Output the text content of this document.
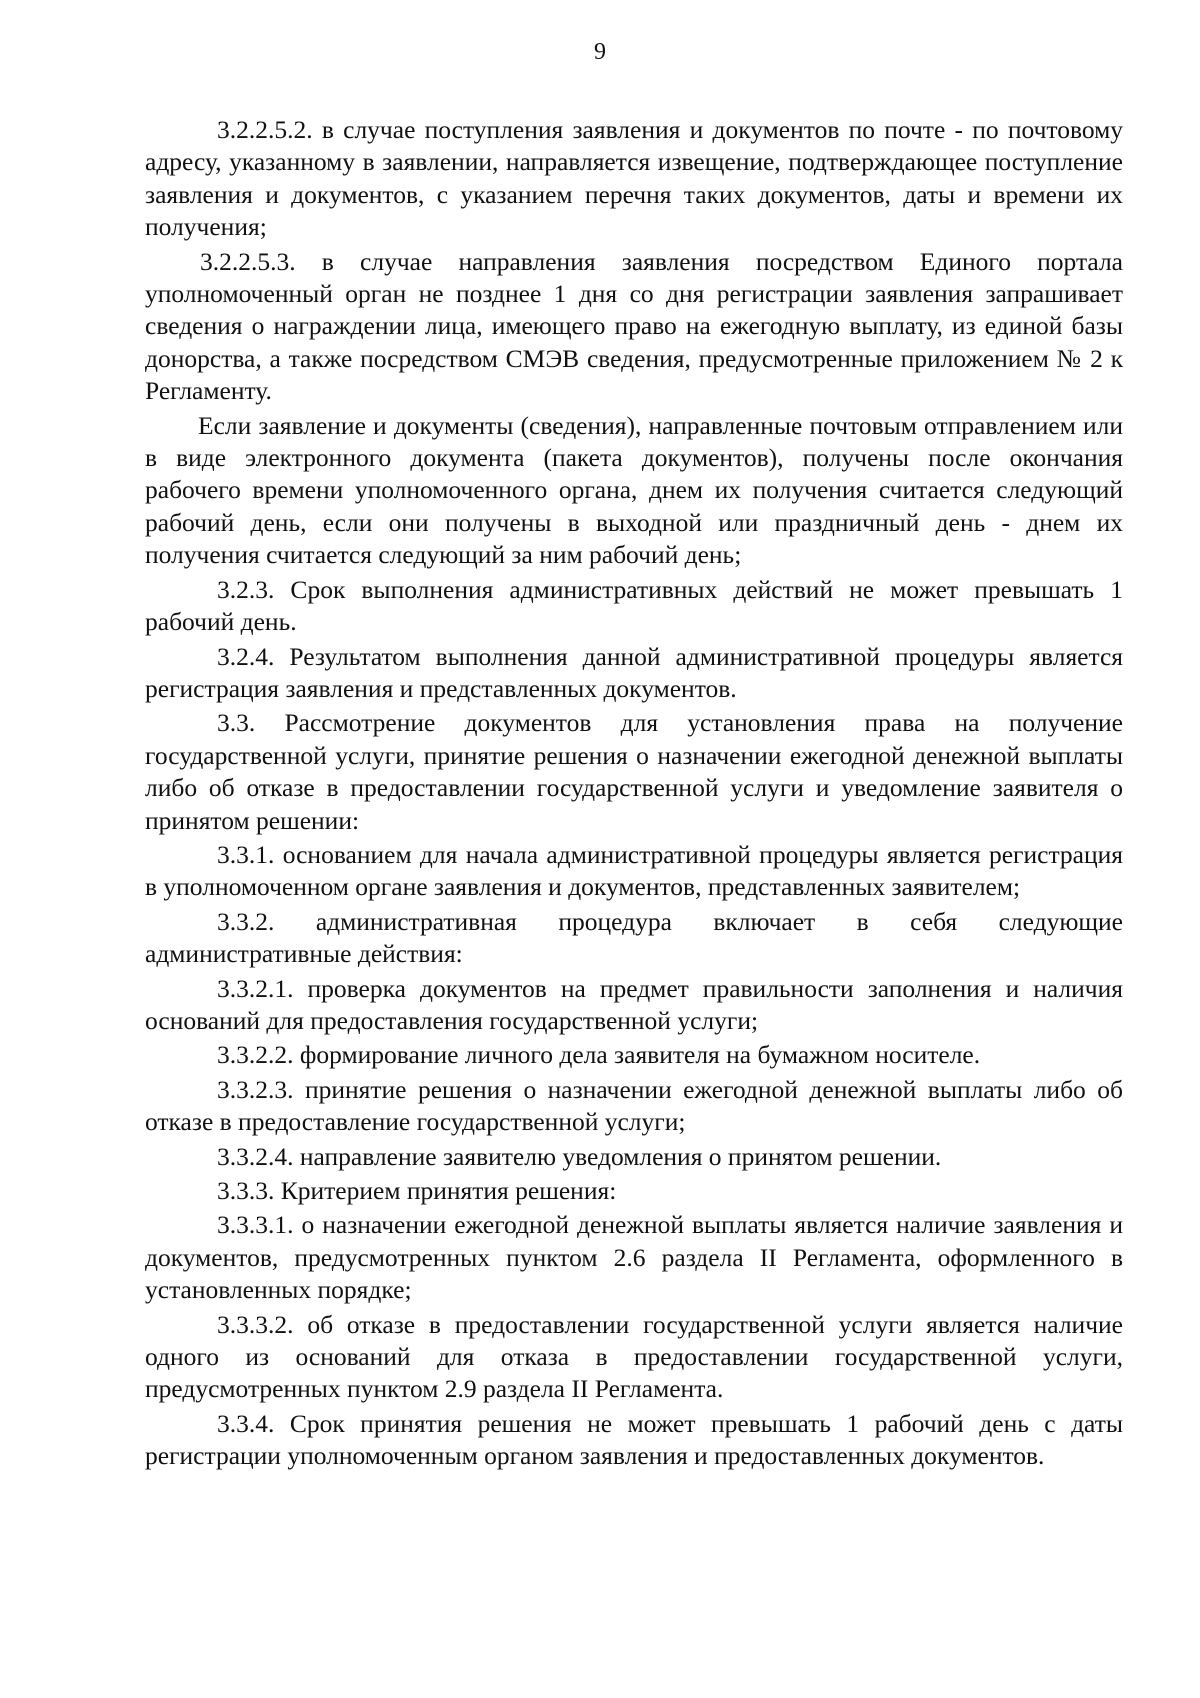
9

3.2.2.5.2. в случае поступления заявления и документов по почте - по почтовому адресу, указанному в заявлении, направляется извещение, подтверждающее поступление заявления и документов, с указанием перечня таких документов, даты и времени их получения;

3.2.2.5.3. в случае направления заявления посредством Единого портала уполномоченный орган не позднее 1 дня со дня регистрации заявления запрашивает сведения о награждении лица, имеющего право на ежегодную выплату, из единой базы донорства, а также посредством СМЭВ сведения, предусмотренные приложением № 2 к Регламенту.

Если заявление и документы (сведения), направленные почтовым отправлением или в виде электронного документа (пакета документов), получены после окончания рабочего времени уполномоченного органа, днем их получения считается следующий рабочий день, если они получены в выходной или праздничный день - днем их получения считается следующий за ним рабочий день;

3.2.3. Срок выполнения административных действий не может превышать 1 рабочий день.

3.2.4. Результатом выполнения данной административной процедуры является регистрация заявления и представленных документов.

3.3. Рассмотрение документов для установления права на получение государственной услуги, принятие решения о назначении ежегодной денежной выплаты либо об отказе в предоставлении государственной услуги и уведомление заявителя о принятом решении:

3.3.1. основанием для начала административной процедуры является регистрация в уполномоченном органе заявления и документов, представленных заявителем;

3.3.2. административная процедура включает в себя следующие административные действия:

3.3.2.1. проверка документов на предмет правильности заполнения и наличия оснований для предоставления государственной услуги;

3.3.2.2. формирование личного дела заявителя на бумажном носителе.

3.3.2.3. принятие решения о назначении ежегодной денежной выплаты либо об отказе в предоставление государственной услуги;

3.3.2.4. направление заявителю уведомления о принятом решении.

3.3.3. Критерием принятия решения:

3.3.3.1. о назначении ежегодной денежной выплаты является наличие заявления и документов, предусмотренных пунктом 2.6 раздела II Регламента, оформленного в установленных порядке;

3.3.3.2. об отказе в предоставлении государственной услуги является наличие одного из оснований для отказа в предоставлении государственной услуги, предусмотренных пунктом 2.9 раздела II Регламента.

3.3.4. Срок принятия решения не может превышать 1 рабочий день с даты регистрации уполномоченным органом заявления и предоставленных документов.
